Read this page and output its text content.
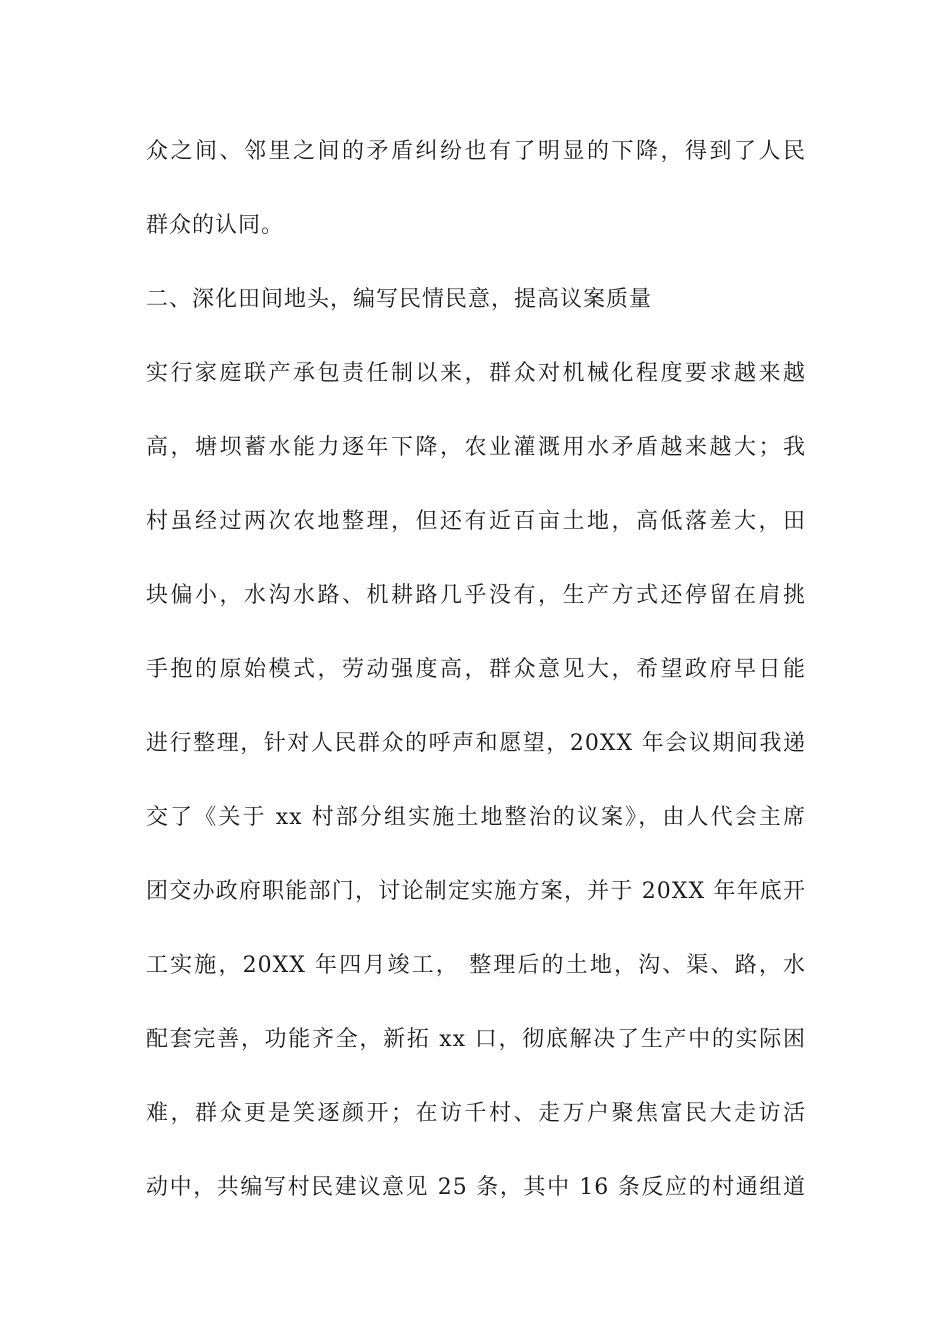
众之间、邻里之间的矛盾纠纷也有了明显的下降，得到了人民
群众的认同。
二、深化田间地头，编写民情民意，提高议案质量
实行家庭联产承包责任制以来，群众对机械化程度要求越来越
高，塘坝蓄水能力逐年下降，农业灌溉用水矛盾越来越大；我
村虽经过两次农地整理，但还有近百亩土地，高低落差大，田
块偏小，水沟水路、机耕路几乎没有，生产方式还停留在肩挑
手抱的原始模式，劳动强度高，群众意见大，希望政府早日能
进行整理，针对人民群众的呼声和愿望，20XX 年会议期间我递
交了《关于 xx 村部分组实施土地整治的议案》，由人代会主席
团交办政府职能部门，讨论制定实施方案，并于 20XX 年年底开
工实施，20XX 年四月竣工， 整理后的土地，沟、渠、路，水
配套完善，功能齐全，新拓 xx 口，彻底解决了生产中的实际困
难，群众更是笑逐颜开；在访千村、走万户聚焦富民大走访活
动中，共编写村民建议意见 25 条，其中 16 条反应的村通组道
